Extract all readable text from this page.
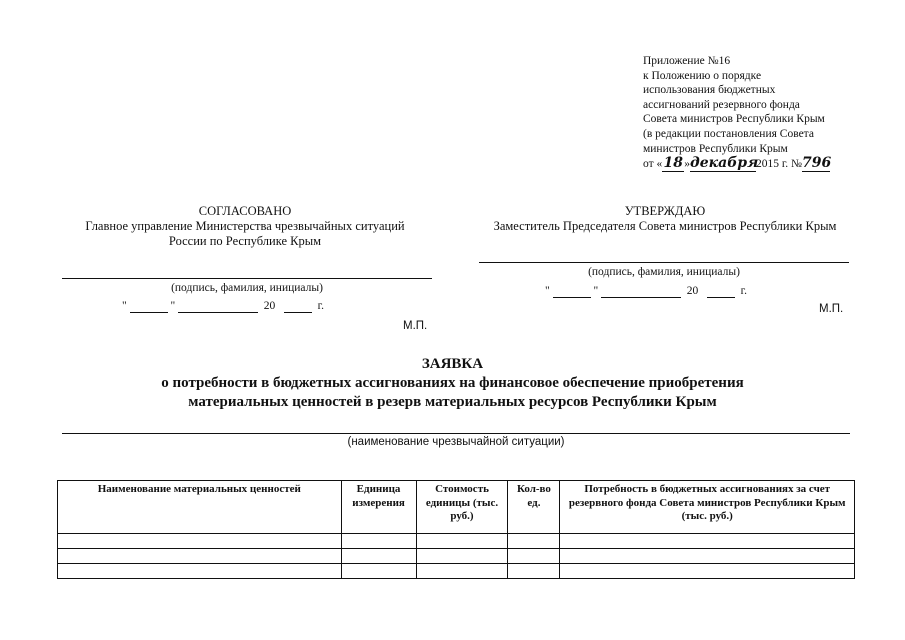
Приложение №16
к Положению о порядке
использования бюджетных
ассигнований резервного фонда
Совета министров Республики Крым
(в редакции постановления Совета
министров Республики Крым
от «18»декабря2015 г. №796
СОГЛАСОВАНО
Главное управление Министерства чрезвычайных ситуаций
России по Республике Крым
(подпись, фамилия, инициалы)
"	"	20	г.
М.П.
УТВЕРЖДАЮ
Заместитель Председателя Совета министров Республики Крым
(подпись, фамилия, инициалы)
"	"	20	г.
М.П.
ЗАЯВКА
о потребности в бюджетных ассигнованиях на финансовое обеспечение приобретения
материальных ценностей в резерв материальных ресурсов Республики Крым
(наименование чрезвычайной ситуации)
Наименование материальных ценностей	Единица измерения	Стоимость единицы (тыс. руб.)	Кол-во ед.	Потребность в бюджетных ассигнованиях за счет резервного фонда Совета министров Республики Крым (тыс. руб.)
